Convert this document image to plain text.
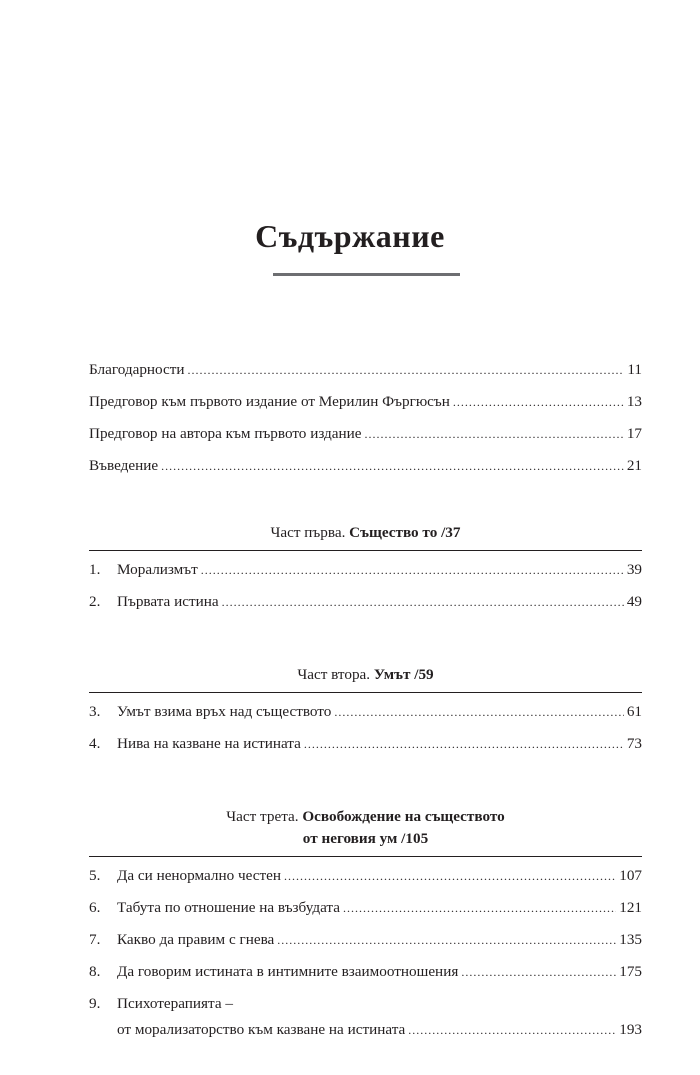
Съдържание
Благодарности .....	11
Предговор към първото издание от Мерилин Фъргюсън .....	13
Предговор на автора към първото издание .....	17
Въведение .....	21
Част първа. Същество то /37
1.	Морализмът .....	39
2.	Първата истина .....	49
Част втора. Умът /59
3.	Умът взима връх над съществото .....	61
4.	Нива на казване на истината .....	73
Част трета. Освобождение на съществото
от неговия ум /105
5.	Да си ненормално честен .....	107
6.	Табута по отношение на възбудата .....	121
7.	Какво да правим с гнева .....	135
8.	Да говорим истината в интимните взаимоотношения .....	175
9.	Психотерапията –
от морализаторство към казване на истината .....	193
